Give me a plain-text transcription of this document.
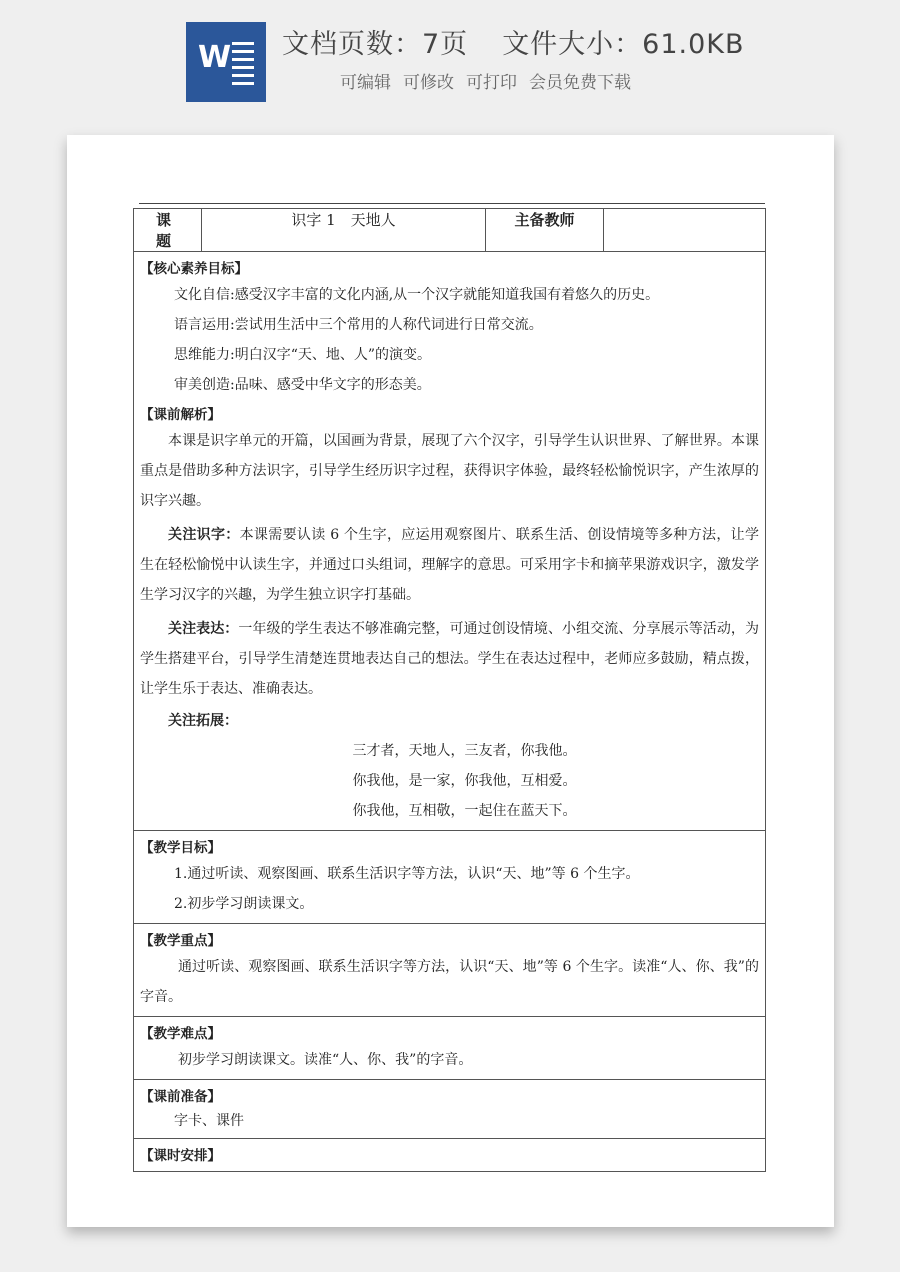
W 文档页数：7页 文件大小：61.0KB
可编辑 可修改 可打印 会员免费下载
课　题	识字 1　天地人	主备教师	

【核心素养目标】
文化自信:感受汉字丰富的文化内涵,从一个汉字就能知道我国有着悠久的历史。
语言运用:尝试用生活中三个常用的人称代词进行日常交流。
思维能力:明白汉字“天、地、人”的演变。
审美创造:品味、感受中华文字的形态美。
【课前解析】
本课是识字单元的开篇，以国画为背景，展现了六个汉字，引导学生认识世界、了解世界。本课重点是借助多种方法识字，引导学生经历识字过程，获得识字体验，最终轻松愉悦识字，产生浓厚的识字兴趣。
关注识字：本课需要认读 6 个生字，应运用观察图片、联系生活、创设情境等多种方法，让学生在轻松愉悦中认读生字，并通过口头组词，理解字的意思。可采用字卡和摘苹果游戏识字，激发学生学习汉字的兴趣，为学生独立识字打基础。
关注表达：一年级的学生表达不够准确完整，可通过创设情境、小组交流、分享展示等活动，为学生搭建平台，引导学生清楚连贯地表达自己的想法。学生在表达过程中，老师应多鼓励，精点拨，让学生乐于表达、准确表达。
关注拓展：
三才者，天地人，三友者，你我他。
你我他，是一家，你我他，互相爱。
你我他，互相敬，一起住在蓝天下。

【教学目标】
1.通过听读、观察图画、联系生活识字等方法，认识“天、地”等 6 个生字。
2.初步学习朗读课文。

【教学重点】
通过听读、观察图画、联系生活识字等方法，认识“天、地”等 6 个生字。读准“人、你、我”的字音。

【教学难点】
初步学习朗读课文。读准“人、你、我”的字音。

【课前准备】
字卡、课件

【课时安排】
